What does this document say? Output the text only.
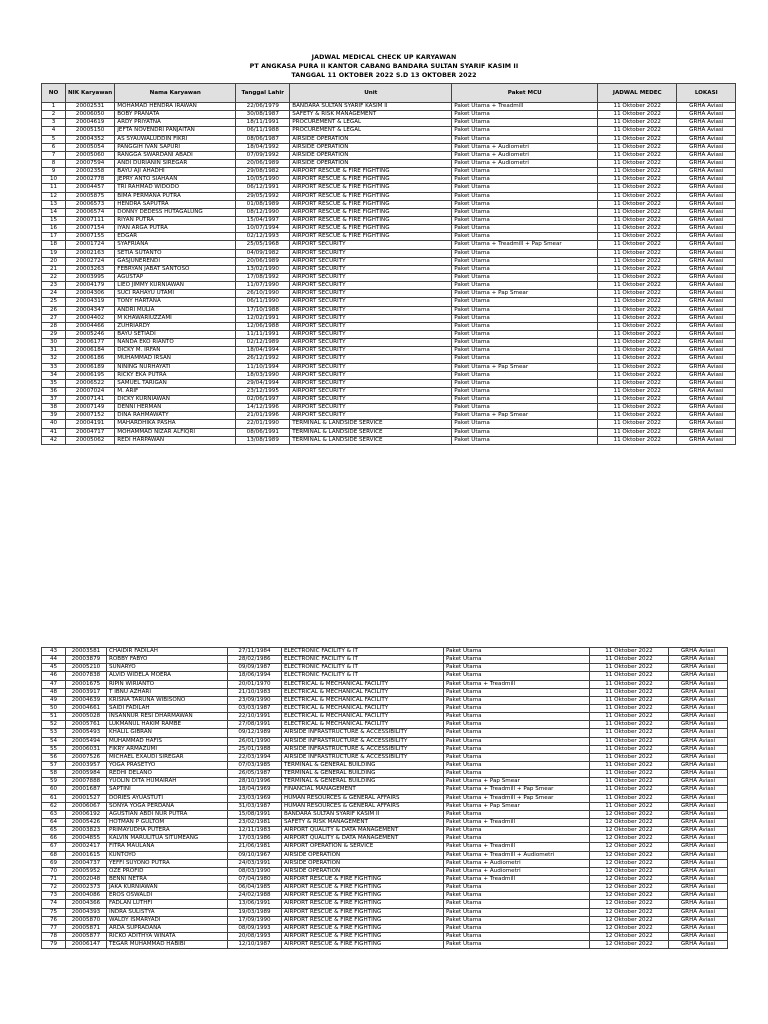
JADWAL MEDICAL CHECK UP KARYAWAN
PT ANGKASA PURA II KANTOR CABANG BANDARA SULTAN SYARIF KASIM II
TANGGAL 11 OKTOBER 2022 S.D 13 OKTOBER 2022
NO	NIK Karyawan	Nama Karyawan	Tanggal Lahir	Unit	Paket MCU	JADWAL MEDEC	LOKASI
1	20002531	MOHAMAD HENDRA IRAWAN	22/06/1979	BANDARA SULTAN SYARIF KASIM II	Paket Utama + Treadmill	11 Oktober 2022	GRHA Aviasi
2	20006050	BOBY PRANATA	30/08/1987	SAFETY & RISK MANAGEMENT	Paket Utama	11 Oktober 2022	GRHA Aviasi
3	20004619	ARDY PRIYATNA	18/11/1991	PROCUREMENT & LEGAL	Paket Utama	11 Oktober 2022	GRHA Aviasi
4	20005150	JEFTA NOVENDRI PANJAITAN	06/11/1988	PROCUREMENT & LEGAL	Paket Utama	11 Oktober 2022	GRHA Aviasi
5	20004352	AS SYAUWALUDDIN FIKRI	08/06/1987	AIRSIDE OPERATION	Paket Utama	11 Oktober 2022	GRHA Aviasi
6	20005054	PANGGIH IVAN SAPURI	18/04/1992	AIRSIDE OPERATION	Paket Utama + Audiometri	11 Oktober 2022	GRHA Aviasi
7	20005060	RANGGA SWARDANI ABADI	07/09/1992	AIRSIDE OPERATION	Paket Utama + Audiometri	11 Oktober 2022	GRHA Aviasi
8	20007594	ANDI DURIANIN SIREGAR	20/06/1989	AIRSIDE OPERATION	Paket Utama + Audiometri	11 Oktober 2022	GRHA Aviasi
9	20002358	BAYU AJI AHADHI	29/08/1982	AIRPORT RESCUE & FIRE FIGHTING	Paket Utama	11 Oktober 2022	GRHA Aviasi
10	20002778	JEPRY ANTO SIAHAAN	10/05/1990	AIRPORT RESCUE & FIRE FIGHTING	Paket Utama	11 Oktober 2022	GRHA Aviasi
11	20004457	TRI RAHMAD WIDODO	06/12/1991	AIRPORT RESCUE & FIRE FIGHTING	Paket Utama	11 Oktober 2022	GRHA Aviasi
12	20005875	BIMA PERMANA PUTRA	29/05/1992	AIRPORT RESCUE & FIRE FIGHTING	Paket Utama	11 Oktober 2022	GRHA Aviasi
13	20006573	HENDRA SAPUTRA	01/08/1989	AIRPORT RESCUE & FIRE FIGHTING	Paket Utama	11 Oktober 2022	GRHA Aviasi
14	20006574	DONNY DEDESS HUTAGALUNG	08/12/1990	AIRPORT RESCUE & FIRE FIGHTING	Paket Utama	11 Oktober 2022	GRHA Aviasi
15	20007111	RIYAN PUTRA	15/04/1997	AIRPORT RESCUE & FIRE FIGHTING	Paket Utama	11 Oktober 2022	GRHA Aviasi
16	20007154	IYAN ARGA PUTRA	10/07/1994	AIRPORT RESCUE & FIRE FIGHTING	Paket Utama	11 Oktober 2022	GRHA Aviasi
17	20007155	EDGAR	02/12/1993	AIRPORT RESCUE & FIRE FIGHTING	Paket Utama	11 Oktober 2022	GRHA Aviasi
18	20001724	SYAFRIANA	25/05/1968	AIRPORT SECURITY	Paket Utama + Treadmill + Pap Smear	11 Oktober 2022	GRHA Aviasi
19	20002163	SETIA SUTANTO	04/09/1982	AIRPORT SECURITY	Paket Utama	11 Oktober 2022	GRHA Aviasi
20	20002724	GASJUNERENDI	20/06/1989	AIRPORT SECURITY	Paket Utama	11 Oktober 2022	GRHA Aviasi
21	20003263	FEBRYAN JABAT SANTOSO	13/02/1990	AIRPORT SECURITY	Paket Utama	11 Oktober 2022	GRHA Aviasi
22	20003995	AGUSTAP	17/08/1992	AIRPORT SECURITY	Paket Utama	11 Oktober 2022	GRHA Aviasi
23	20004179	LIEO JIMMY KURNIAWAN	11/07/1990	AIRPORT SECURITY	Paket Utama	11 Oktober 2022	GRHA Aviasi
24	20004306	SUCI RAHAYU UTAMI	26/10/1990	AIRPORT SECURITY	Paket Utama + Pap Smear	11 Oktober 2022	GRHA Aviasi
25	20004319	TONY HARTANA	06/11/1990	AIRPORT SECURITY	Paket Utama	11 Oktober 2022	GRHA Aviasi
26	20004347	ANDRI MULIA	17/10/1988	AIRPORT SECURITY	Paket Utama	11 Oktober 2022	GRHA Aviasi
27	20004402	M KHAWARIUZZAMI	12/02/1991	AIRPORT SECURITY	Paket Utama	11 Oktober 2022	GRHA Aviasi
28	20004466	ZUHRIARDY	12/06/1988	AIRPORT SECURITY	Paket Utama	11 Oktober 2022	GRHA Aviasi
29	20005246	BAYU SETIADI	11/11/1991	AIRPORT SECURITY	Paket Utama	11 Oktober 2022	GRHA Aviasi
30	20006177	NANDA EKO RIANTO	02/12/1989	AIRPORT SECURITY	Paket Utama	11 Oktober 2022	GRHA Aviasi
31	20006184	DICKY M. IRFAN	18/04/1994	AIRPORT SECURITY	Paket Utama	11 Oktober 2022	GRHA Aviasi
32	20006186	MUHAMMAD IRSAN	26/12/1992	AIRPORT SECURITY	Paket Utama	11 Oktober 2022	GRHA Aviasi
33	20006189	NINING NURHAYATI	11/10/1994	AIRPORT SECURITY	Paket Utama + Pap Smear	11 Oktober 2022	GRHA Aviasi
34	20006195	RICKY EKA PUTRA	18/03/1990	AIRPORT SECURITY	Paket Utama	11 Oktober 2022	GRHA Aviasi
35	20006522	SAMUEL TARIGAN	29/04/1994	AIRPORT SECURITY	Paket Utama	11 Oktober 2022	GRHA Aviasi
36	20007024	M. ARIF	23/12/1995	AIRPORT SECURITY	Paket Utama	11 Oktober 2022	GRHA Aviasi
37	20007141	DICKY KURNIAWAN	02/06/1997	AIRPORT SECURITY	Paket Utama	11 Oktober 2022	GRHA Aviasi
38	20007149	DENNI HERMAN	14/12/1996	AIRPORT SECURITY	Paket Utama	11 Oktober 2022	GRHA Aviasi
39	20007152	DINA RAHMAWATY	21/01/1996	AIRPORT SECURITY	Paket Utama + Pap Smear	11 Oktober 2022	GRHA Aviasi
40	20004191	MAHARDHIKA PASHA	22/01/1990	TERMINAL & LANDSIDE SERVICE	Paket Utama	11 Oktober 2022	GRHA Aviasi
41	20004717	MOHAMMAD NIZAR ALFIQRI	08/06/1991	TERMINAL & LANDSIDE SERVICE	Paket Utama	11 Oktober 2022	GRHA Aviasi
42	20005062	REDI HARPAWAN	13/08/1989	TERMINAL & LANDSIDE SERVICE	Paket Utama	11 Oktober 2022	GRHA Aviasi
43	20003581	CHAIDIR FADILAH	27/11/1984	ELECTRONIC FACILITY & IT	Paket Utama	11 Oktober 2022	GRHA Aviasi
44	20003879	ROBBY FABYO	28/02/1986	ELECTRONIC FACILITY & IT	Paket Utama	11 Oktober 2022	GRHA Aviasi
45	20005210	SUNARYO	09/09/1987	ELECTRONIC FACILITY & IT	Paket Utama	11 Oktober 2022	GRHA Aviasi
46	20007838	ALVID WIDELA MOERA	18/06/1994	ELECTRONIC FACILITY & IT	Paket Utama	11 Oktober 2022	GRHA Aviasi
47	20001675	RIPIN WIRIANTO	20/01/1970	ELECTRICAL & MECHANICAL FACILITY	Paket Utama + Treadmill	11 Oktober 2022	GRHA Aviasi
48	20003917	T IBNU AZHARI	21/10/1983	ELECTRICAL & MECHANICAL FACILITY	Paket Utama	11 Oktober 2022	GRHA Aviasi
49	20004639	KRISNA TARUNA WIBISONO	23/09/1990	ELECTRICAL & MECHANICAL FACILITY	Paket Utama	11 Oktober 2022	GRHA Aviasi
50	20004661	SAIDI FADILAH	03/03/1987	ELECTRICAL & MECHANICAL FACILITY	Paket Utama	11 Oktober 2022	GRHA Aviasi
51	20005028	INSANNUR RESI DHARMAWAN	22/10/1991	ELECTRICAL & MECHANICAL FACILITY	Paket Utama	11 Oktober 2022	GRHA Aviasi
52	20005761	LUKMANUL HAKIM RAMBE	27/08/1991	ELECTRICAL & MECHANICAL FACILITY	Paket Utama	11 Oktober 2022	GRHA Aviasi
53	20005493	KHALIL GIBRAN	09/12/1989	AIRSIDE INFRASTRUCTURE & ACCESSIBILITY	Paket Utama	11 Oktober 2022	GRHA Aviasi
54	20005494	MUHAMMAD HAFIS	26/01/1990	AIRSIDE INFRASTRUCTURE & ACCESSIBILITY	Paket Utama	11 Oktober 2022	GRHA Aviasi
55	20006031	FIKRY ARMAZUMI	25/01/1988	AIRSIDE INFRASTRUCTURE & ACCESSIBILITY	Paket Utama	11 Oktober 2022	GRHA Aviasi
56	20007526	MICHAEL EXAUDI SIREGAR	22/03/1994	AIRSIDE INFRASTRUCTURE & ACCESSIBILITY	Paket Utama	11 Oktober 2022	GRHA Aviasi
57	20003957	YOGA PRASETYO	07/03/1985	TERMINAL & GENERAL BUILDING	Paket Utama	11 Oktober 2022	GRHA Aviasi
58	20005984	REDHI DELANO	26/05/1987	TERMINAL & GENERAL BUILDING	Paket Utama	11 Oktober 2022	GRHA Aviasi
59	20007888	YUOLIN DITA HUMAIRAH	28/10/1996	TERMINAL & GENERAL BUILDING	Paket Utama + Pap Smear	11 Oktober 2022	GRHA Aviasi
60	20001687	SAPTINI	18/04/1969	FINANCIAL MANAGEMENT	Paket Utama + Treadmill + Pap Smear	11 Oktober 2022	GRHA Aviasi
61	20001527	DORIES AYUASTUTI	23/03/1969	HUMAN RESOURCES & GENERAL AFFAIRS	Paket Utama + Treadmill + Pap Smear	11 Oktober 2022	GRHA Aviasi
62	20006067	SONYA YOGA PERDANA	31/03/1987	HUMAN RESOURCES & GENERAL AFFAIRS	Paket Utama + Pap Smear	11 Oktober 2022	GRHA Aviasi
63	20006192	AGUSTIAN ABDI NUR PUTRA	15/08/1991	BANDARA SULTAN SYARIF KASIM II	Paket Utama	12 Oktober 2022	GRHA Aviasi
64	20005426	HOTMAN P GULTOM	23/02/1981	SAFETY & RISK MANAGEMENT	Paket Utama + Treadmill	12 Oktober 2022	GRHA Aviasi
65	20003823	PRIMAYUDHA PUTERA	12/11/1983	AIRPORT QUALITY & DATA MANAGEMENT	Paket Utama	12 Oktober 2022	GRHA Aviasi
66	20004855	KALVIN MARULITUA SITUMEANG	17/03/1986	AIRPORT QUALITY & DATA MANAGEMENT	Paket Utama	12 Oktober 2022	GRHA Aviasi
67	20002417	FITRA MAULANA	21/06/1981	AIRPORT OPERATION & SERVICE	Paket Utama + Treadmill	12 Oktober 2022	GRHA Aviasi
68	20001615	KUNTOYO	09/10/1967	AIRSIDE OPERATION	Paket Utama + Treadmill + Audiometri	12 Oktober 2022	GRHA Aviasi
69	20004737	YEFFI SUYONO PUTRA	24/03/1991	AIRSIDE OPERATION	Paket Utama + Audiometri	12 Oktober 2022	GRHA Aviasi
70	20005952	OZE PROFID	08/03/1990	AIRSIDE OPERATION	Paket Utama + Audiometri	12 Oktober 2022	GRHA Aviasi
71	20002048	BENNI NETRA	07/04/1980	AIRPORT RESCUE & FIRE FIGHTING	Paket Utama + Treadmill	12 Oktober 2022	GRHA Aviasi
72	20002373	JAKA KURNIAWAN	06/04/1985	AIRPORT RESCUE & FIRE FIGHTING	Paket Utama	12 Oktober 2022	GRHA Aviasi
73	20004086	EROS OSWALDI	24/02/1988	AIRPORT RESCUE & FIRE FIGHTING	Paket Utama	12 Oktober 2022	GRHA Aviasi
74	20004366	FADLAN LUTHFI	13/06/1991	AIRPORT RESCUE & FIRE FIGHTING	Paket Utama	12 Oktober 2022	GRHA Aviasi
75	20004393	INDRA SULISTYA	19/03/1989	AIRPORT RESCUE & FIRE FIGHTING	Paket Utama	12 Oktober 2022	GRHA Aviasi
76	20005870	WALDY ISMARYADI	17/09/1990	AIRPORT RESCUE & FIRE FIGHTING	Paket Utama	12 Oktober 2022	GRHA Aviasi
77	20005871	ARDA SUPRADANA	08/09/1993	AIRPORT RESCUE & FIRE FIGHTING	Paket Utama	12 Oktober 2022	GRHA Aviasi
78	20005877	RICKO ADITHYA WINATA	20/08/1993	AIRPORT RESCUE & FIRE FIGHTING	Paket Utama	12 Oktober 2022	GRHA Aviasi
79	20006147	TEGAR MUHAMMAD HABIBI	12/10/1987	AIRPORT RESCUE & FIRE FIGHTING	Paket Utama	12 Oktober 2022	GRHA Aviasi
